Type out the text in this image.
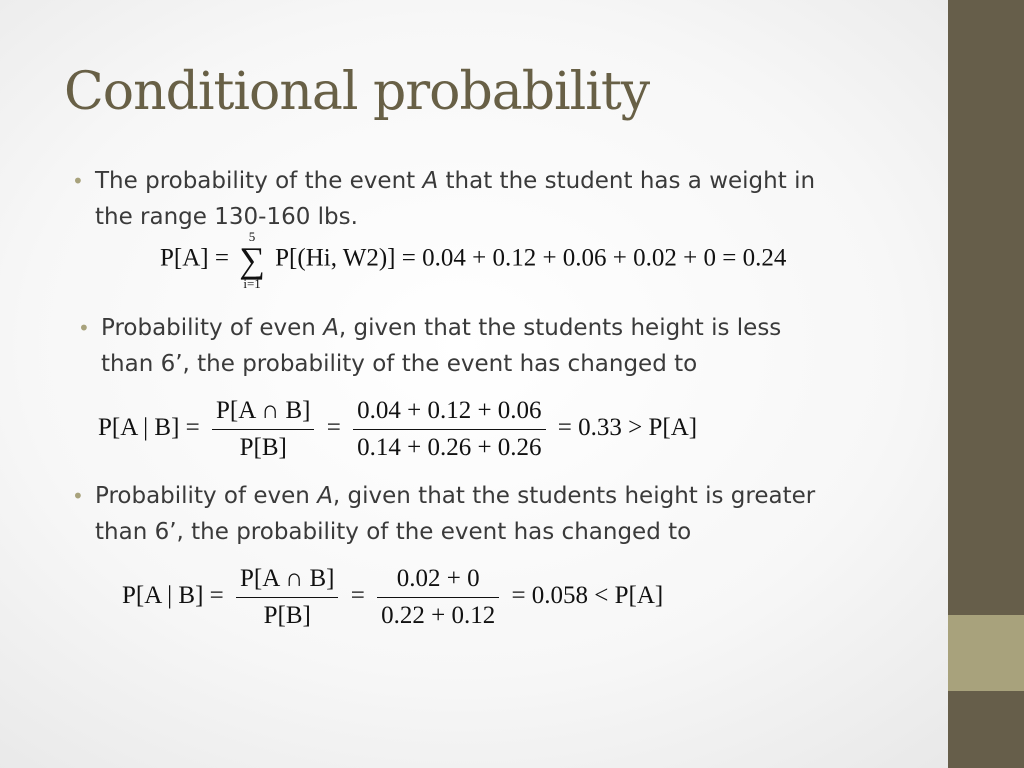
Conditional probability
• The probability of the event A that the student has a weight in
the range 130-160 lbs.
P[A] =
5
∑
i=1
P[(Hi, W2)] = 0.04 + 0.12 + 0.06 + 0.02 + 0 = 0.24
• Probability of even A, given that the students height is less
than 6’, the probability of the event has changed to
P[A | $B] = \frac{P[A \cap B]}{P[B]} = \frac{0.04 + 0.12 + 0.06}{0.14 + 0.26 + 0.26} = 0.33 > P[A]$
• Probability of even A, given that the students height is greater
than 6’, the probability of the event has changed to
P[A | $B] = \frac{P[A \cap B]}{P[B]} = \frac{0.02 + 0}{0.22 + 0.12} = 0.058 < P[A]$
